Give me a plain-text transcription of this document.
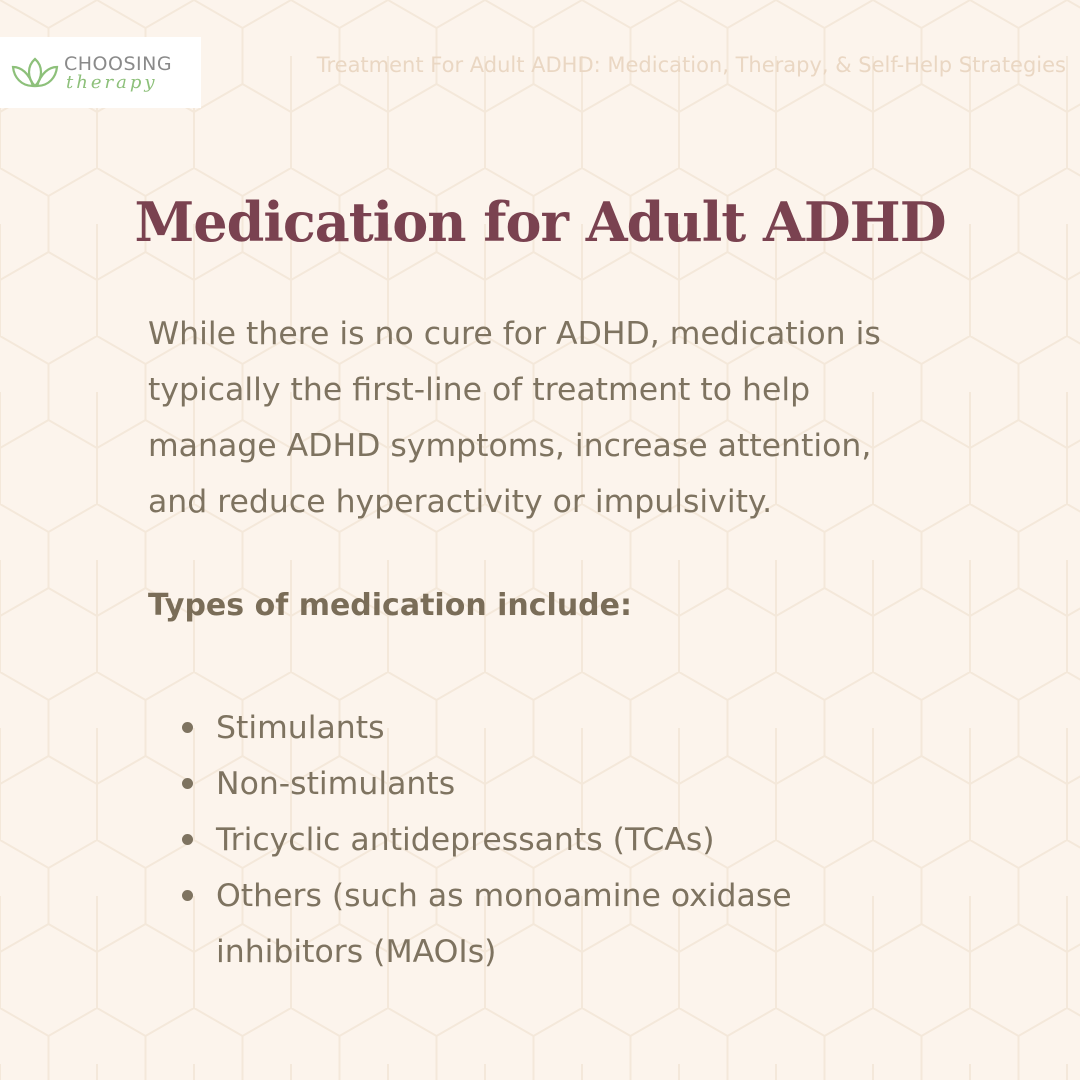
CHOOSING
therapy
Treatment For Adult ADHD: Medication, Therapy, & Self-Help Strategies
Medication for Adult ADHD

While there is no cure for ADHD, medication is typically the first-line of treatment to help manage ADHD symptoms, increase attention, and reduce hyperactivity or impulsivity.

Types of medication include:
Stimulants
Non-stimulants
Tricyclic antidepressants (TCAs)
Others (such as monoamine oxidase inhibitors (MAOIs)
